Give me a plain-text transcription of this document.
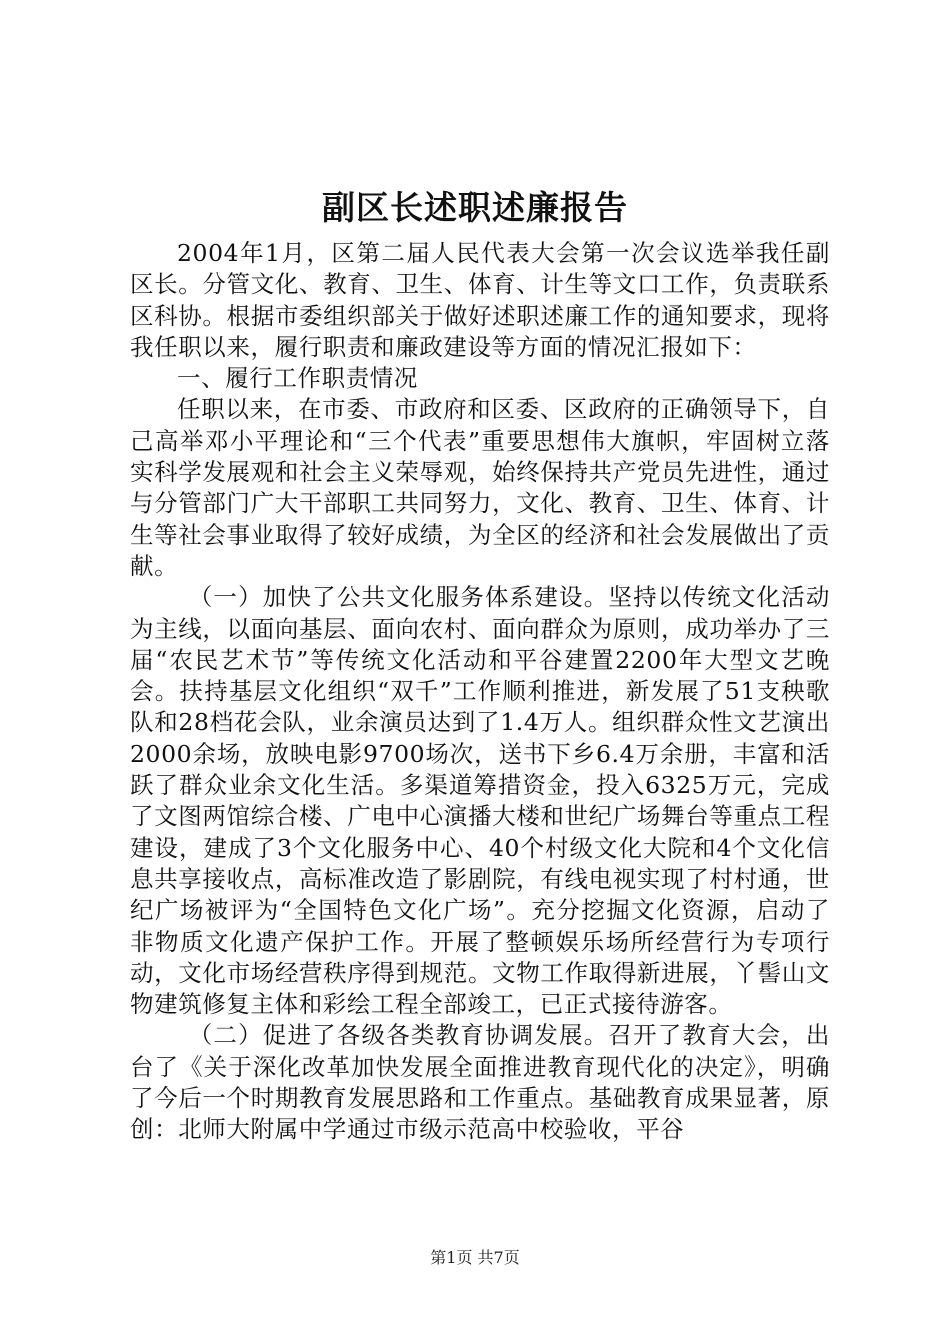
副区长述职述廉报告

2004年1月，区第二届人民代表大会第一次会议选举我任副区长。分管文化、教育、卫生、体育、计生等文口工作，负责联系区科协。根据市委组织部关于做好述职述廉工作的通知要求，现将我任职以来，履行职责和廉政建设等方面的情况汇报如下：

一、履行工作职责情况

任职以来，在市委、市政府和区委、区政府的正确领导下，自己高举邓小平理论和“三个代表”重要思想伟大旗帜，牢固树立落实科学发展观和社会主义荣辱观，始终保持共产党员先进性，通过与分管部门广大干部职工共同努力，文化、教育、卫生、体育、计生等社会事业取得了较好成绩，为全区的经济和社会发展做出了贡献。

（一）加快了公共文化服务体系建设。坚持以传统文化活动为主线，以面向基层、面向农村、面向群众为原则，成功举办了三届“农民艺术节”等传统文化活动和平谷建置2200年大型文艺晚会。扶持基层文化组织“双千”工作顺利推进，新发展了51支秧歌队和28档花会队，业余演员达到了1.4万人。组织群众性文艺演出2000余场，放映电影9700场次，送书下乡6.4万余册，丰富和活跃了群众业余文化生活。多渠道筹措资金，投入6325万元，完成了文图两馆综合楼、广电中心演播大楼和世纪广场舞台等重点工程建设，建成了3个文化服务中心、40个村级文化大院和4个文化信息共享接收点，高标准改造了影剧院，有线电视实现了村村通，世纪广场被评为“全国特色文化广场”。充分挖掘文化资源，启动了非物质文化遗产保护工作。开展了整顿娱乐场所经营行为专项行动，文化市场经营秩序得到规范。文物工作取得新进展，丫髻山文物建筑修复主体和彩绘工程全部竣工，已正式接待游客。

（二）促进了各级各类教育协调发展。召开了教育大会，出台了《关于深化改革加快发展全面推进教育现代化的决定》，明确了今后一个时期教育发展思路和工作重点。基础教育成果显著，原创：北师大附属中学通过市级示范高中校验收，平谷

第1页 共7页
